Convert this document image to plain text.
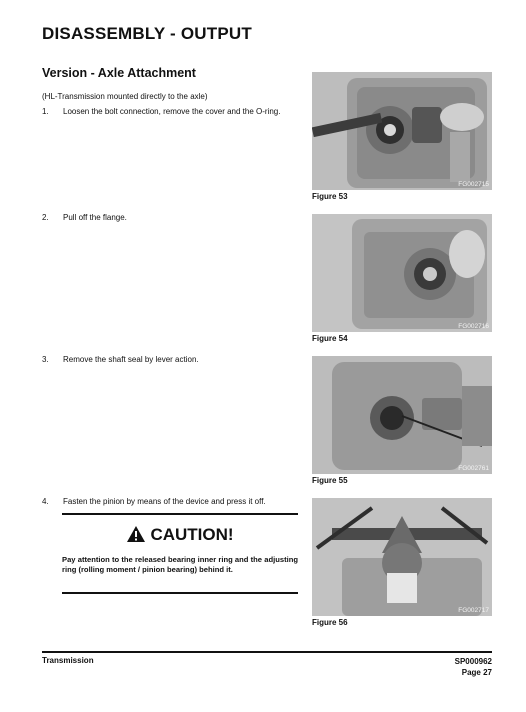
DISASSEMBLY - OUTPUT
Version - Axle Attachment
(HL-Transmission mounted directly to the axle)
1.	Loosen the bolt connection, remove the cover and the O-ring.
2.	Pull off the flange.
3.	Remove the shaft seal by lever action.
4.	Fasten the pinion by means of the device and press it off.
CAUTION!
Pay attention to the released bearing inner ring and the adjusting ring (rolling moment / pinion bearing) behind it.
FG002715
Figure 53
FG002716
Figure 54
FG002761
Figure 55
FG002717
Figure 56
Transmission	SP000962
Page 27
